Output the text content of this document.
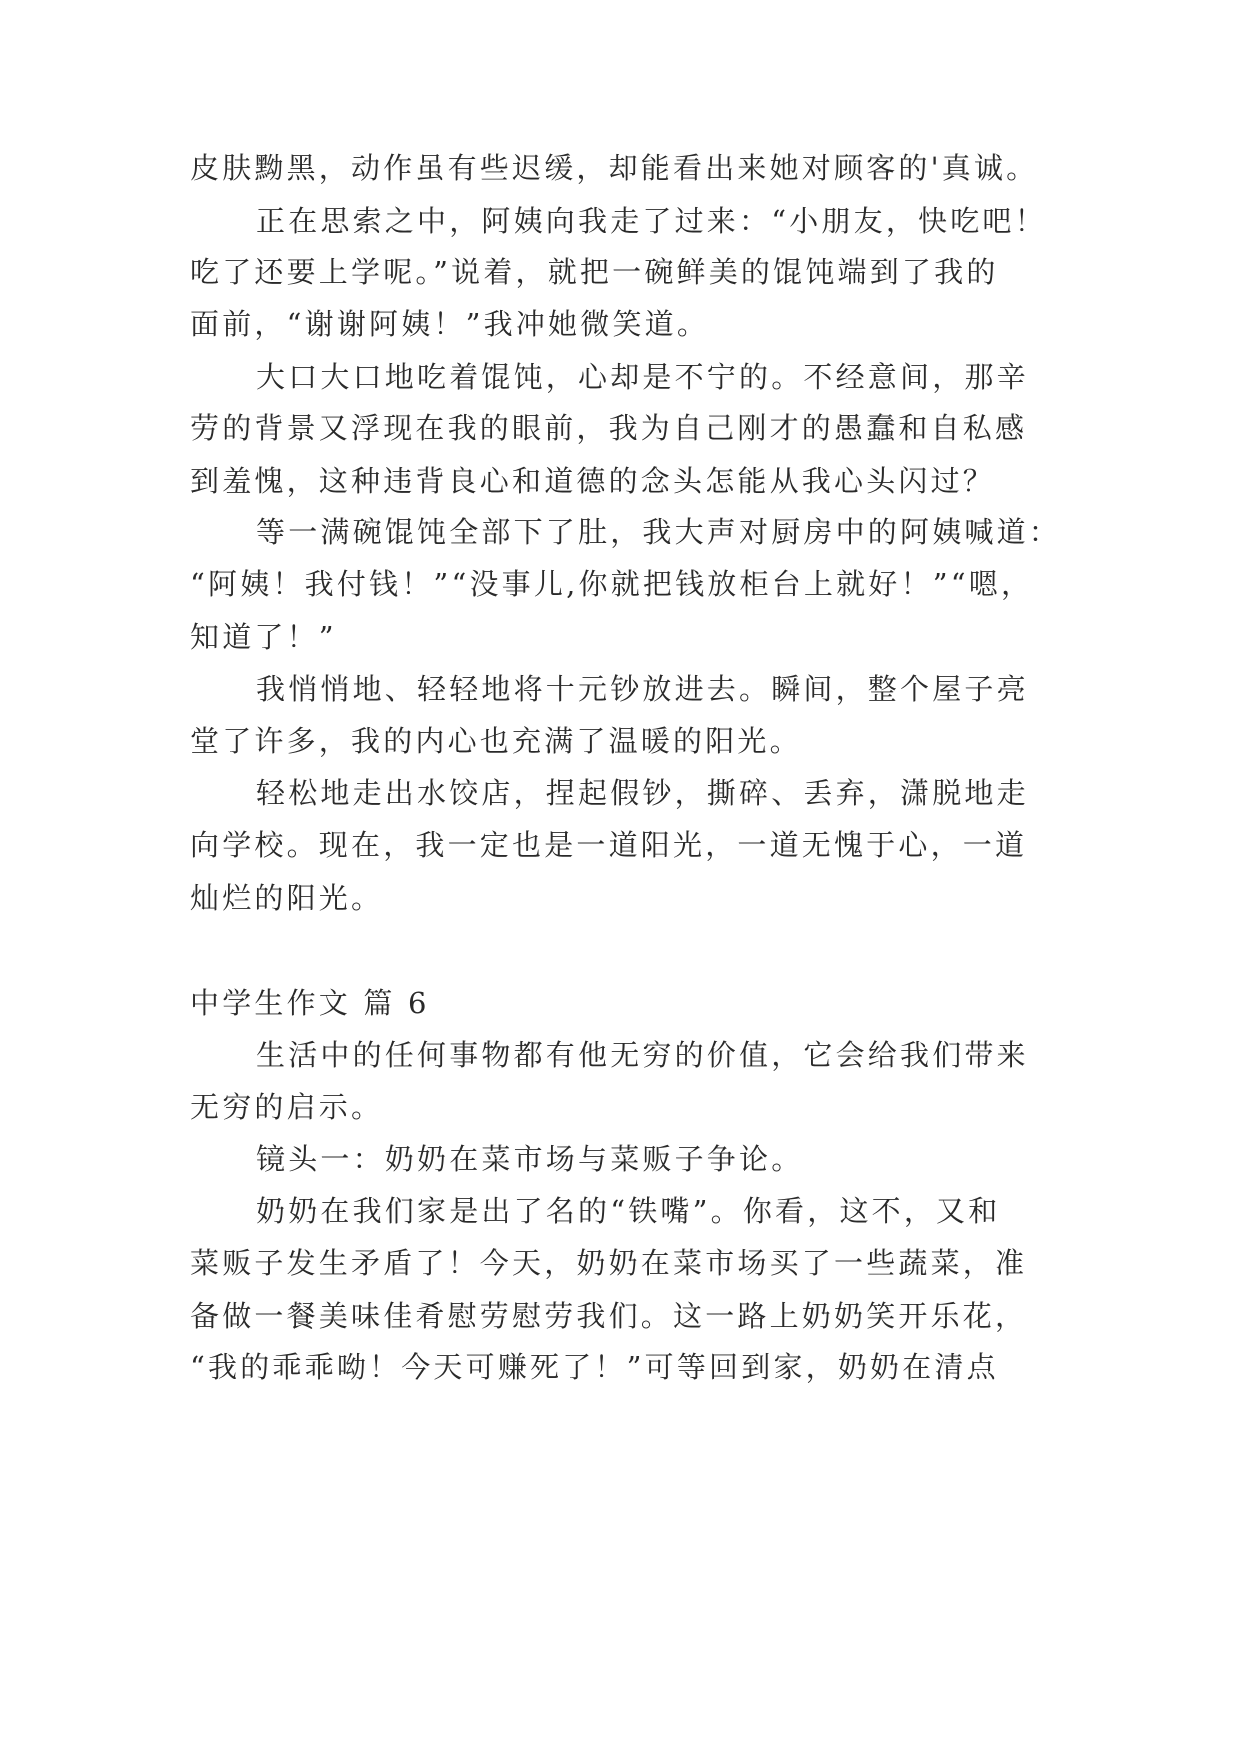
皮肤黝黑，动作虽有些迟缓，却能看出来她对顾客的'真诚。
正在思索之中，阿姨向我走了过来：“小朋友，快吃吧！
吃了还要上学呢。”说着，就把一碗鲜美的馄饨端到了我的
面前，“谢谢阿姨！”我冲她微笑道。
大口大口地吃着馄饨，心却是不宁的。不经意间，那辛
劳的背景又浮现在我的眼前，我为自己刚才的愚蠢和自私感
到羞愧，这种违背良心和道德的念头怎能从我心头闪过？
等一满碗馄饨全部下了肚，我大声对厨房中的阿姨喊道：
“阿姨！我付钱！”“没事儿,你就把钱放柜台上就好！”“嗯，
知道了！”
我悄悄地、轻轻地将十元钞放进去。瞬间，整个屋子亮
堂了许多，我的内心也充满了温暖的阳光。
轻松地走出水饺店，捏起假钞，撕碎、丢弃，潇脱地走
向学校。现在，我一定也是一道阳光，一道无愧于心，一道
灿烂的阳光。
中学生作文 篇 6
生活中的任何事物都有他无穷的价值，它会给我们带来
无穷的启示。
镜头一：奶奶在菜市场与菜贩子争论。
奶奶在我们家是出了名的“铁嘴”。你看，这不，又和
菜贩子发生矛盾了！今天，奶奶在菜市场买了一些蔬菜，准
备做一餐美味佳肴慰劳慰劳我们。这一路上奶奶笑开乐花，
“我的乖乖呦！今天可赚死了！”可等回到家，奶奶在清点
